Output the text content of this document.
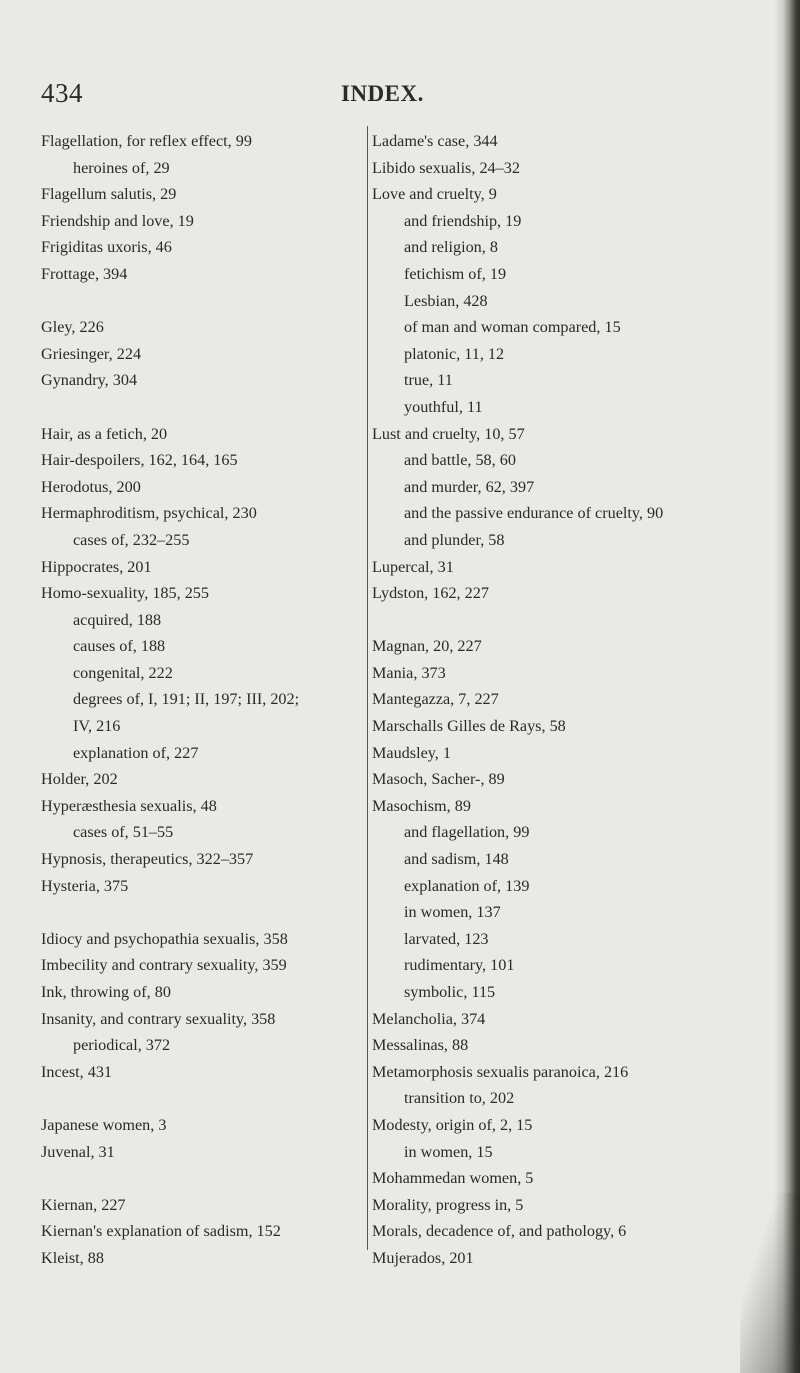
434	INDEX.
Flagellation, for reflex effect, 99
heroines of, 29
Flagellum salutis, 29
Friendship and love, 19
Frigiditas uxoris, 46
Frottage, 394
Gley, 226
Griesinger, 224
Gynandry, 304
Hair, as a fetich, 20
Hair-despoilers, 162, 164, 165
Herodotus, 200
Hermaphroditism, psychical, 230
cases of, 232–255
Hippocrates, 201
Homo-sexuality, 185, 255
acquired, 188
causes of, 188
congenital, 222
degrees of, I, 191; II, 197; III, 202;
IV, 216
explanation of, 227
Holder, 202
Hyperæsthesia sexualis, 48
cases of, 51–55
Hypnosis, therapeutics, 322–357
Hysteria, 375
Idiocy and psychopathia sexualis, 358
Imbecility and contrary sexuality, 359
Ink, throwing of, 80
Insanity, and contrary sexuality, 358
periodical, 372
Incest, 431
Japanese women, 3
Juvenal, 31
Kiernan, 227
Kiernan's explanation of sadism, 152
Kleist, 88
Ladame's case, 344
Libido sexualis, 24–32
Love and cruelty, 9
and friendship, 19
and religion, 8
fetichism of, 19
Lesbian, 428
of man and woman compared, 15
platonic, 11, 12
true, 11
youthful, 11
Lust and cruelty, 10, 57
and battle, 58, 60
and murder, 62, 397
and the passive endurance of cruelty, 90
and plunder, 58
Lupercal, 31
Lydston, 162, 227
Magnan, 20, 227
Mania, 373
Mantegazza, 7, 227
Marschalls Gilles de Rays, 58
Maudsley, 1
Masoch, Sacher-, 89
Masochism, 89
and flagellation, 99
and sadism, 148
explanation of, 139
in women, 137
larvated, 123
rudimentary, 101
symbolic, 115
Melancholia, 374
Messalinas, 88
Metamorphosis sexualis paranoica, 216
transition to, 202
Modesty, origin of, 2, 15
in women, 15
Mohammedan women, 5
Morality, progress in, 5
Morals, decadence of, and pathology, 6
Mujerados, 201
